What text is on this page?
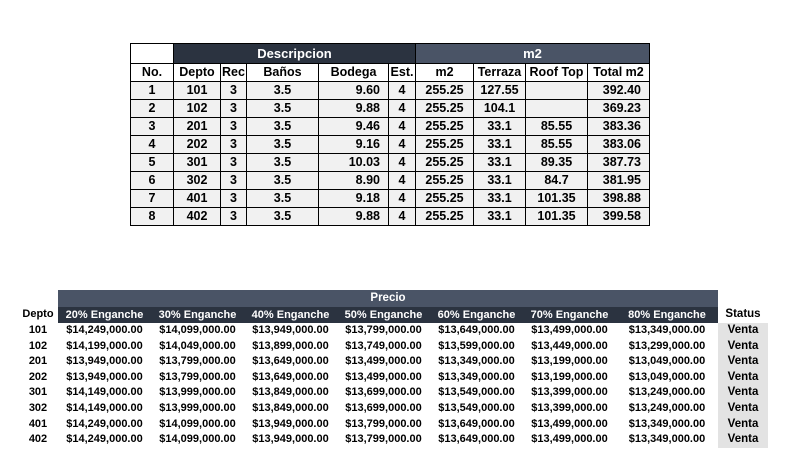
	Descripcion					m2			
No.	Depto	Rec	Baños	Bodega	Est.	m2	Terraza	Roof Top	Total m2
1	101	3	3.5	9.60	4	255.25	127.55		392.40
2	102	3	3.5	9.88	4	255.25	104.1		369.23
3	201	3	3.5	9.46	4	255.25	33.1	85.55	383.36
4	202	3	3.5	9.16	4	255.25	33.1	85.55	383.06
5	301	3	3.5	10.03	4	255.25	33.1	89.35	387.73
6	302	3	3.5	8.90	4	255.25	33.1	84.7	381.95
7	401	3	3.5	9.18	4	255.25	33.1	101.35	398.88
8	402	3	3.5	9.88	4	255.25	33.1	101.35	399.58
	Precio							
Depto	20% Enganche	30% Enganche	40% Enganche	50% Enganche	60% Enganche	70% Enganche	80% Enganche	Status
101	$14,249,000.00	$14,099,000.00	$13,949,000.00	$13,799,000.00	$13,649,000.00	$13,499,000.00	$13,349,000.00	Venta
102	$14,199,000.00	$14,049,000.00	$13,899,000.00	$13,749,000.00	$13,599,000.00	$13,449,000.00	$13,299,000.00	Venta
201	$13,949,000.00	$13,799,000.00	$13,649,000.00	$13,499,000.00	$13,349,000.00	$13,199,000.00	$13,049,000.00	Venta
202	$13,949,000.00	$13,799,000.00	$13,649,000.00	$13,499,000.00	$13,349,000.00	$13,199,000.00	$13,049,000.00	Venta
301	$14,149,000.00	$13,999,000.00	$13,849,000.00	$13,699,000.00	$13,549,000.00	$13,399,000.00	$13,249,000.00	Venta
302	$14,149,000.00	$13,999,000.00	$13,849,000.00	$13,699,000.00	$13,549,000.00	$13,399,000.00	$13,249,000.00	Venta
401	$14,249,000.00	$14,099,000.00	$13,949,000.00	$13,799,000.00	$13,649,000.00	$13,499,000.00	$13,349,000.00	Venta
402	$14,249,000.00	$14,099,000.00	$13,949,000.00	$13,799,000.00	$13,649,000.00	$13,499,000.00	$13,349,000.00	Venta
